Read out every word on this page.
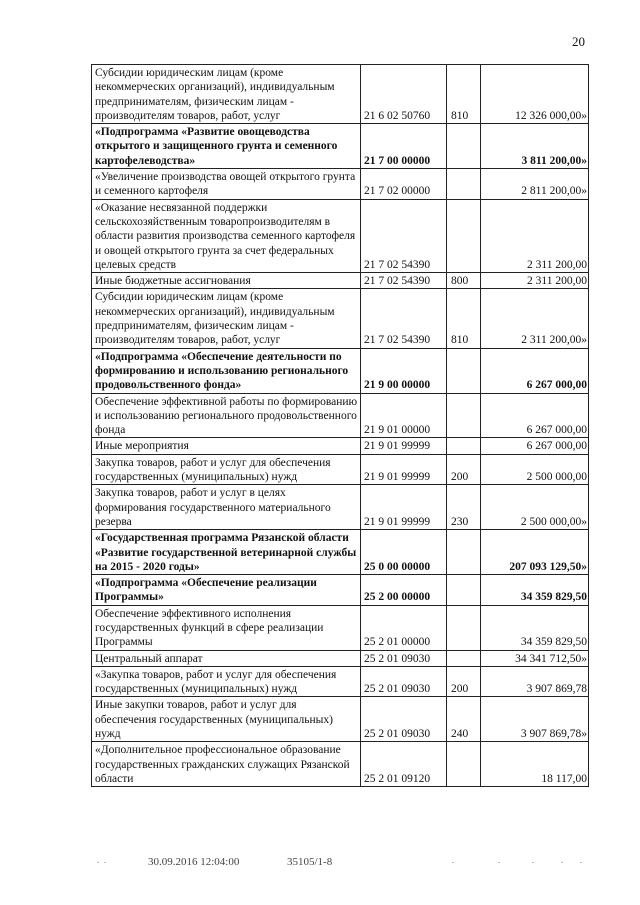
20
Субсидии юридическим лицам (кроме некоммерческих организаций), индивидуальным предпринимателям, физическим лицам - производителям товаров, работ, услуг	21 6 02 50760	810	12 326 000,00»
«Подпрограмма «Развитие овощеводства открытого и защищенного грунта и семенного картофелеводства»	21 7 00 00000		3 811 200,00»
«Увеличение производства овощей открытого грунта и семенного картофеля	21 7 02 00000		2 811 200,00»
«Оказание несвязанной поддержки сельскохозяйственным товаропроизводителям в области развития производства семенного картофеля и овощей открытого грунта за счет федеральных целевых средств	21 7 02 54390		2 311 200,00
Иные бюджетные ассигнования	21 7 02 54390	800	2 311 200,00
Субсидии юридическим лицам (кроме некоммерческих организаций), индивидуальным предпринимателям, физическим лицам - производителям товаров, работ, услуг	21 7 02 54390	810	2 311 200,00»
«Подпрограмма «Обеспечение деятельности по формированию и использованию регионального продовольственного фонда»	21 9 00 00000		6 267 000,00
Обеспечение эффективной работы по формированию и использованию регионального продовольственного фонда	21 9 01 00000		6 267 000,00
Иные мероприятия	21 9 01 99999		6 267 000,00
Закупка товаров, работ и услуг для обеспечения государственных (муниципальных) нужд	21 9 01 99999	200	2 500 000,00
Закупка товаров, работ и услуг в целях формирования государственного материального резерва	21 9 01 99999	230	2 500 000,00»
«Государственная программа Рязанской области «Развитие государственной ветеринарной службы на 2015 - 2020 годы»	25 0 00 00000		207 093 129,50»
«Подпрограмма «Обеспечение реализации Программы»	25 2 00 00000		34 359 829,50
Обеспечение эффективного исполнения государственных функций в сфере реализации Программы	25 2 01 00000		34 359 829,50
Центральный аппарат	25 2 01 09030		34 341 712,50»
«Закупка товаров, работ и услуг для обеспечения государственных (муниципальных) нужд	25 2 01 09030	200	3 907 869,78
Иные закупки товаров, работ и услуг для обеспечения государственных (муниципальных) нужд	25 2 01 09030	240	3 907 869,78»
«Дополнительное профессиональное образование государственных гражданских служащих Рязанской области	25 2 01 09120		18 117,00
30.09.2016 12:04:00	35105/1-8
